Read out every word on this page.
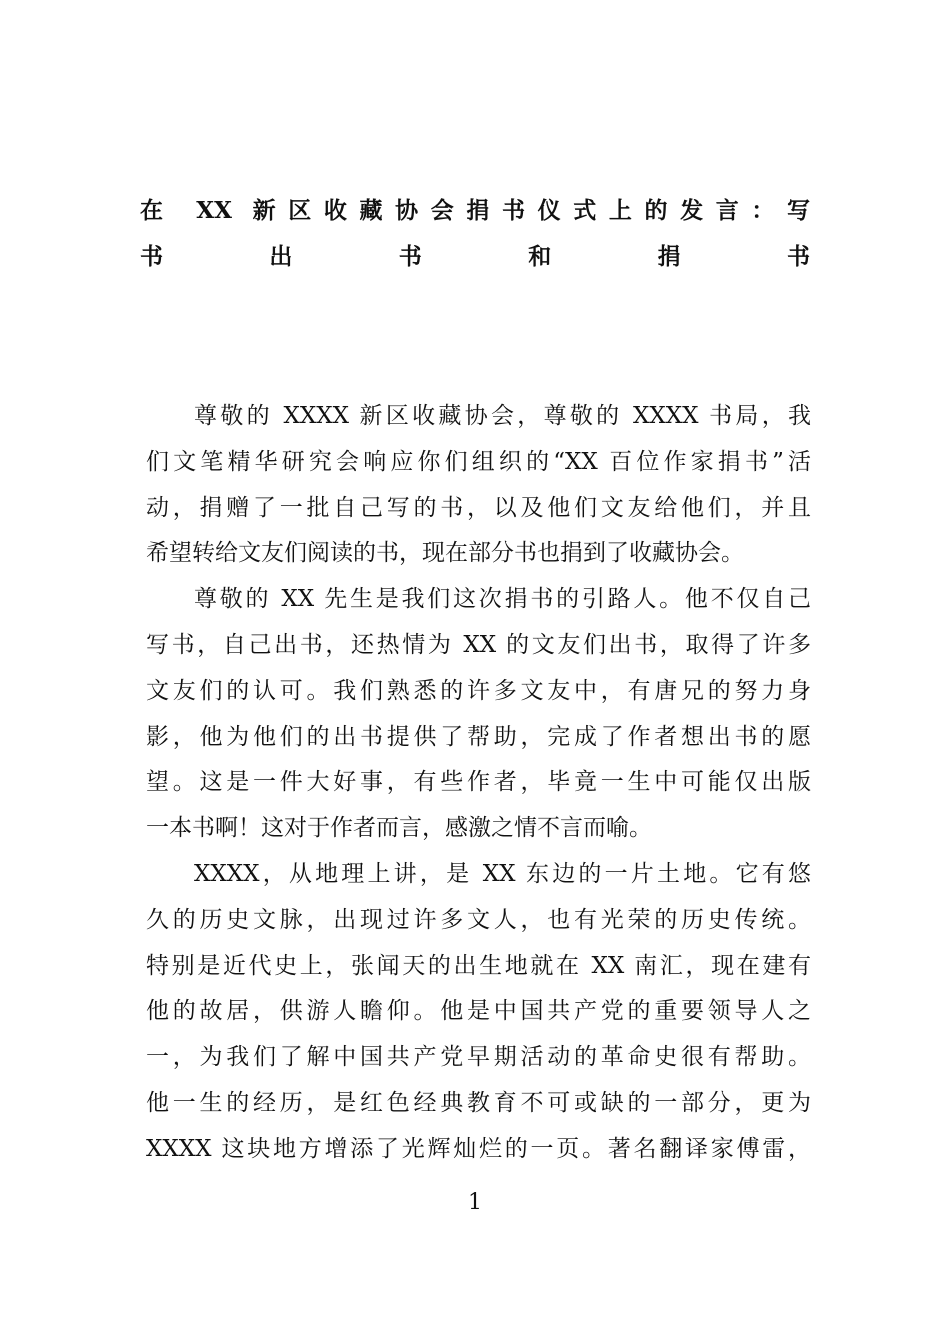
在 XX 新区收藏协会捐书仪式上的发言：写
书出书和捐书
尊敬的 XXXX 新区收藏协会，尊敬的 XXXX 书局，我
们文笔精华研究会响应你们组织的“XX 百位作家捐书”活
动，捐赠了一批自己写的书，以及他们文友给他们，并且
希望转给文友们阅读的书，现在部分书也捐到了收藏协会。
尊敬的 XX 先生是我们这次捐书的引路人。他不仅自己
写书，自己出书，还热情为 XX 的文友们出书，取得了许多
文友们的认可。我们熟悉的许多文友中，有唐兄的努力身
影，他为他们的出书提供了帮助，完成了作者想出书的愿
望。这是一件大好事，有些作者，毕竟一生中可能仅出版
一本书啊！这对于作者而言，感激之情不言而喻。
XXXX，从地理上讲，是 XX 东边的一片土地。它有悠
久的历史文脉，出现过许多文人，也有光荣的历史传统。
特别是近代史上，张闻天的出生地就在 XX 南汇，现在建有
他的故居，供游人瞻仰。他是中国共产党的重要领导人之
一，为我们了解中国共产党早期活动的革命史很有帮助。
他一生的经历，是红色经典教育不可或缺的一部分，更为
XXXX 这块地方增添了光辉灿烂的一页。著名翻译家傅雷，
1
